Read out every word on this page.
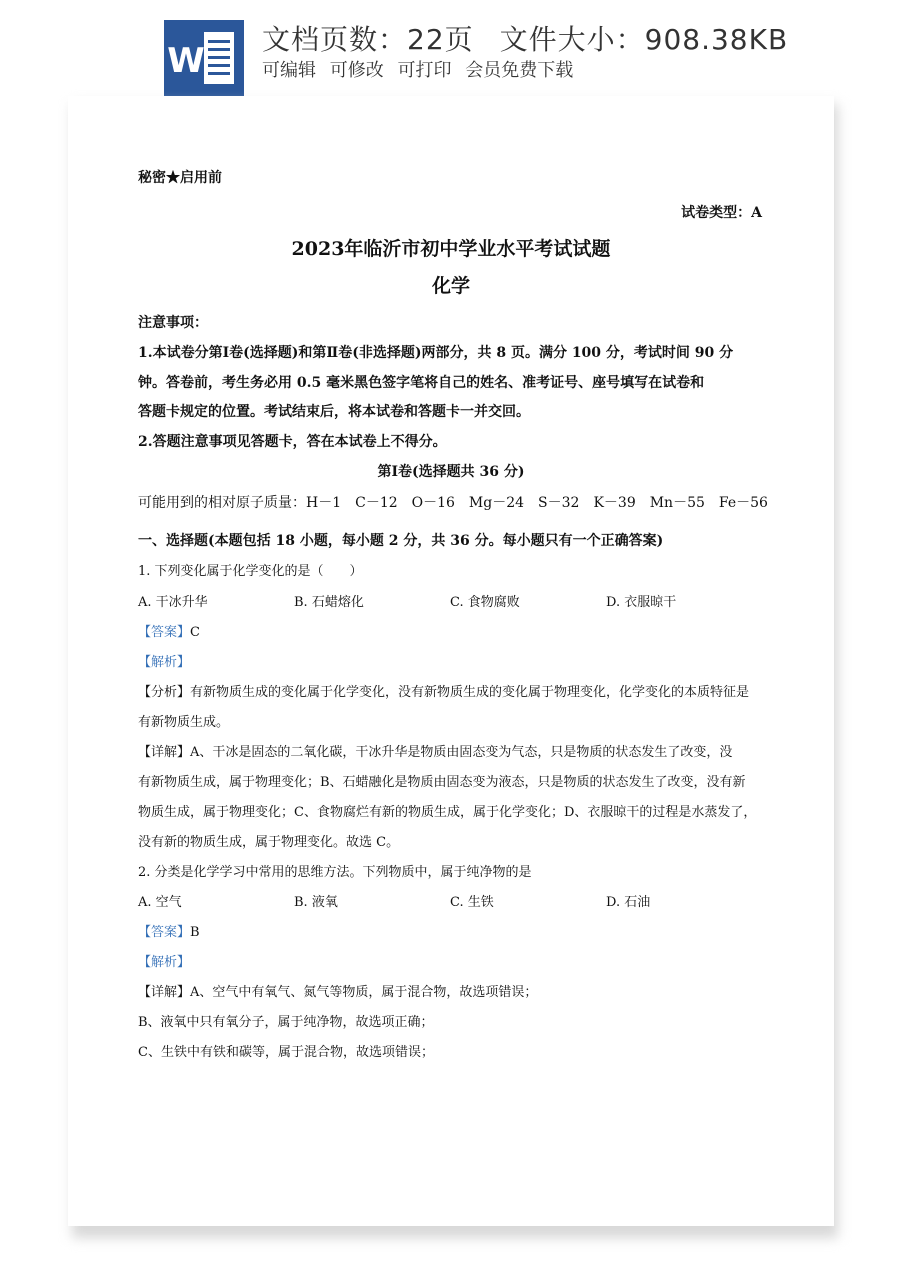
W
文档页数：22页 文件大小：908.38KB
可编辑 可修改 可打印 会员免费下载
秘密★启用前
试卷类型：A
2023年临沂市初中学业水平考试试题
化学
注意事项：
1.本试卷分第Ⅰ卷(选择题)和第Ⅱ卷(非选择题)两部分，共 8 页。满分 100 分，考试时间 90 分
钟。答卷前，考生务必用 0.5 毫米黑色签字笔将自己的姓名、准考证号、座号填写在试卷和
答题卡规定的位置。考试结束后，将本试卷和答题卡一并交回。
2.答题注意事项见答题卡，答在本试卷上不得分。
第Ⅰ卷(选择题共 36 分)
可能用到的相对原子质量：H－1　C－12　O－16　Mg－24　S－32　K－39　Mn－55　Fe－56
一、选择题(本题包括 18 小题，每小题 2 分，共 36 分。每小题只有一个正确答案)
1. 下列变化属于化学变化的是（　　）
A. 干冰升华	B. 石蜡熔化	C. 食物腐败	D. 衣服晾干
【答案】C
【解析】
【分析】有新物质生成的变化属于化学变化，没有新物质生成的变化属于物理变化，化学变化的本质特征是
有新物质生成。
【详解】A、干冰是固态的二氧化碳，干冰升华是物质由固态变为气态，只是物质的状态发生了改变，没
有新物质生成，属于物理变化；B、石蜡融化是物质由固态变为液态，只是物质的状态发生了改变，没有新
物质生成，属于物理变化；C、食物腐烂有新的物质生成，属于化学变化；D、衣服晾干的过程是水蒸发了，
没有新的物质生成，属于物理变化。故选 C。
2. 分类是化学学习中常用的思维方法。下列物质中，属于纯净物的是
A. 空气	B. 液氧	C. 生铁	D. 石油
【答案】B
【解析】
【详解】A、空气中有氧气、氮气等物质，属于混合物，故选项错误；
B、液氧中只有氧分子，属于纯净物，故选项正确；
C、生铁中有铁和碳等，属于混合物，故选项错误；
